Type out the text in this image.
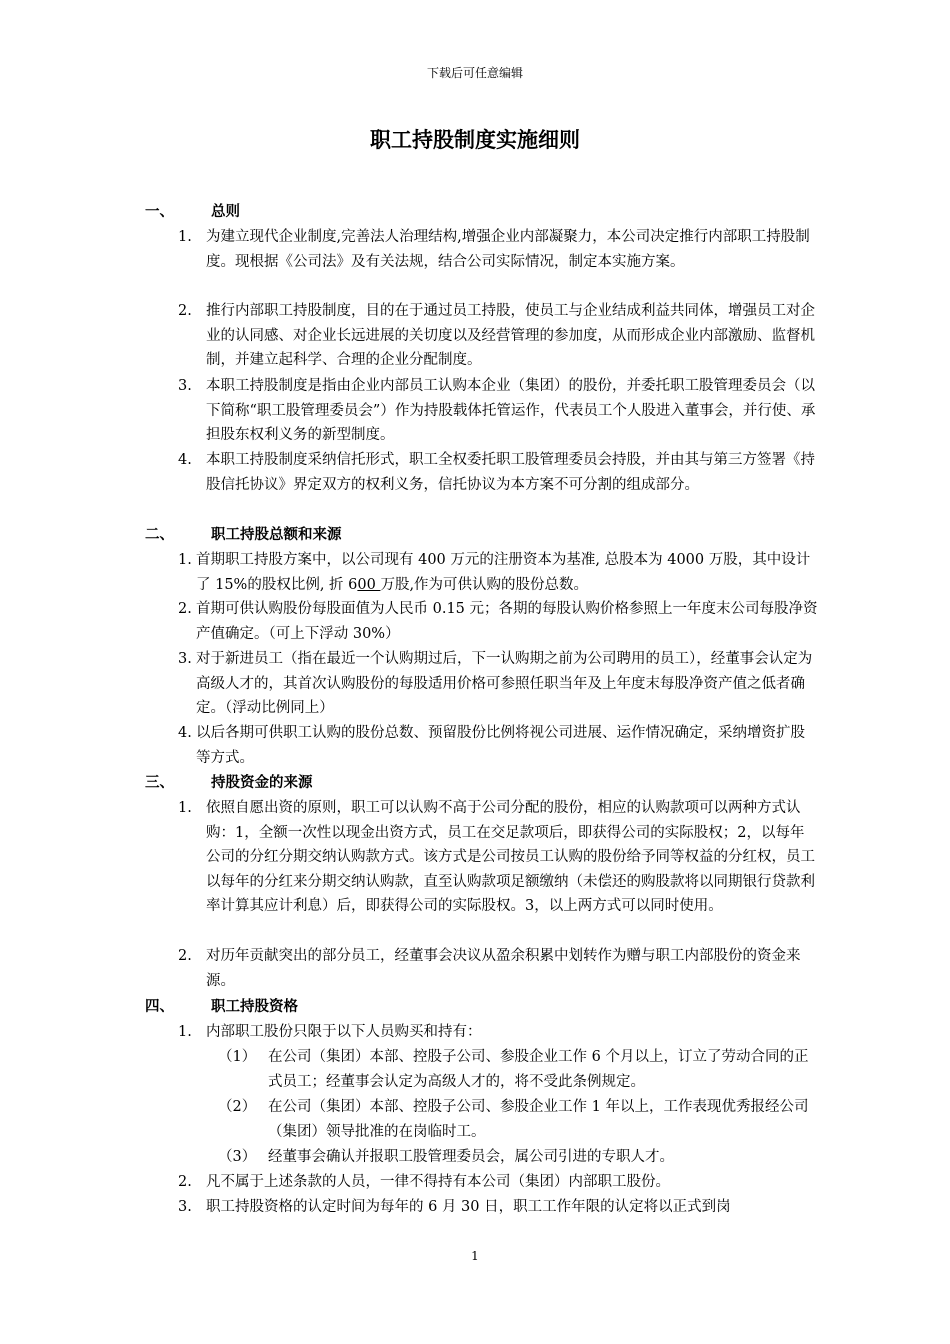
下载后可任意编辑
职工持股制度实施细则
一、	总则
1. 为建立现代企业制度,完善法人治理结构,增强企业内部凝聚力，本公司决定推行内部职工持股制度。现根据《公司法》及有关法规，结合公司实际情况，制定本实施方案。
2. 推行内部职工持股制度，目的在于通过员工持股，使员工与企业结成利益共同体，增强员工对企业的认同感、对企业长远进展的关切度以及经营管理的参加度，从而形成企业内部激励、监督机制，并建立起科学、合理的企业分配制度。
3. 本职工持股制度是指由企业内部员工认购本企业（集团）的股份，并委托职工股管理委员会（以下简称“职工股管理委员会”）作为持股载体托管运作，代表员工个人股进入董事会，并行使、承担股东权利义务的新型制度。
4. 本职工持股制度采纳信托形式，职工全权委托职工股管理委员会持股，并由其与第三方签署《持股信托协议》界定双方的权利义务，信托协议为本方案不可分割的组成部分。
二、	职工持股总额和来源
1. 首期职工持股方案中，以公司现有 400 万元的注册资本为基准, 总股本为 4000 万股，其中设计了 15%的股权比例, 折 600 万股,作为可供认购的股份总数。
2. 首期可供认购股份每股面值为人民币 0.15 元；各期的每股认购价格参照上一年度末公司每股净资产值确定。（可上下浮动 30%）
3. 对于新进员工（指在最近一个认购期过后，下一认购期之前为公司聘用的员工），经董事会认定为高级人才的，其首次认购股份的每股适用价格可参照任职当年及上年度末每股净资产值之低者确定。（浮动比例同上）
4. 以后各期可供职工认购的股份总数、预留股份比例将视公司进展、运作情况确定，采纳增资扩股等方式。
三、	持股资金的来源
1. 依照自愿出资的原则，职工可以认购不高于公司分配的股份，相应的认购款项可以两种方式认购：1，全额一次性以现金出资方式，员工在交足款项后，即获得公司的实际股权；2，以每年公司的分红分期交纳认购款方式。该方式是公司按员工认购的股份给予同等权益的分红权，员工以每年的分红来分期交纳认购款，直至认购款项足额缴纳（未偿还的购股款将以同期银行贷款利率计算其应计利息）后，即获得公司的实际股权。3，以上两方式可以同时使用。
2. 对历年贡献突出的部分员工，经董事会决议从盈余积累中划转作为赠与职工内部股份的资金来源。
四、	职工持股资格
1. 内部职工股份只限于以下人员购买和持有：
（1） 在公司（集团）本部、控股子公司、参股企业工作 6 个月以上，订立了劳动合同的正式员工；经董事会认定为高级人才的，将不受此条例规定。
（2） 在公司（集团）本部、控股子公司、参股企业工作 1 年以上，工作表现优秀报经公司（集团）领导批准的在岗临时工。
（3） 经董事会确认并报职工股管理委员会，属公司引进的专职人才。
2. 凡不属于上述条款的人员，一律不得持有本公司（集团）内部职工股份。
3. 职工持股资格的认定时间为每年的 6 月 30 日，职工工作年限的认定将以正式到岗
1
